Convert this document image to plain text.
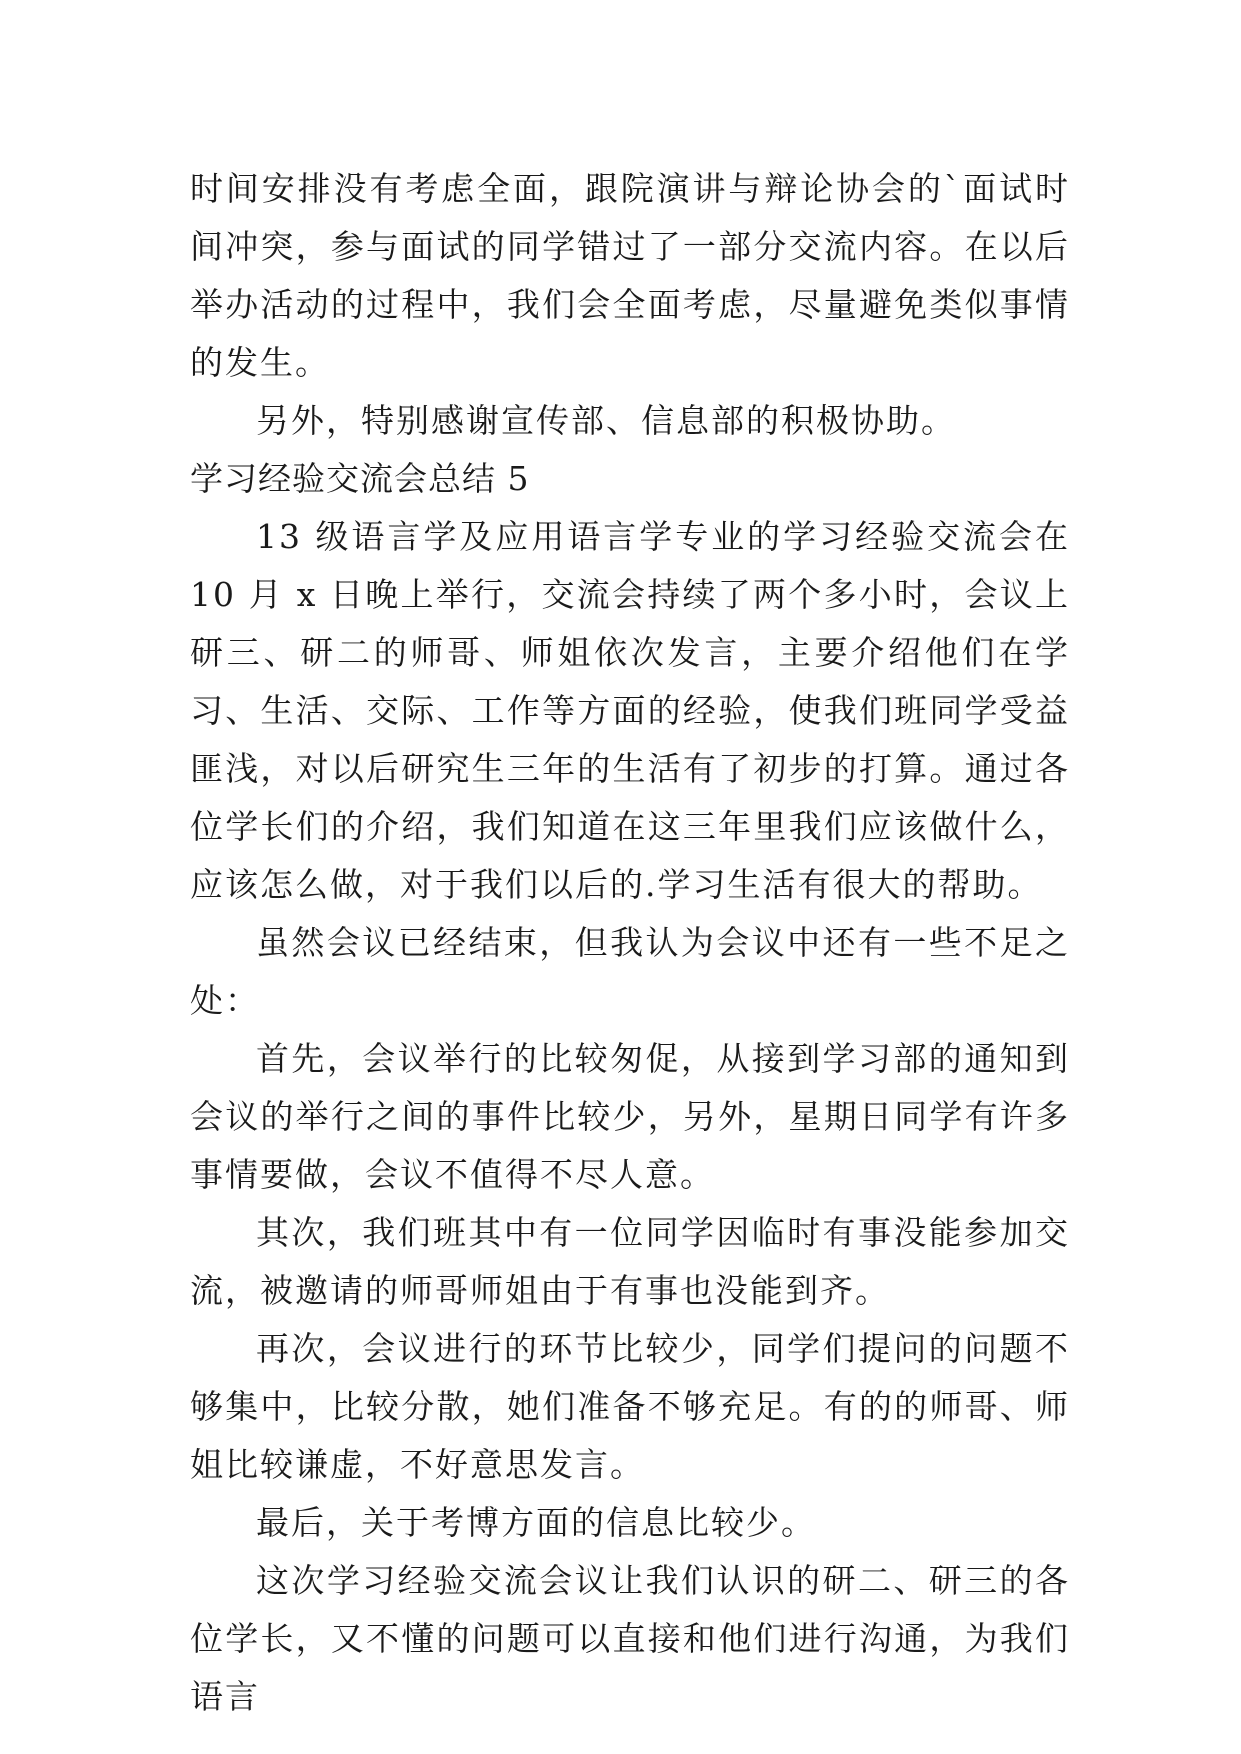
时间安排没有考虑全面，跟院演讲与辩论协会的`面试时间冲突，参与面试的同学错过了一部分交流内容。在以后举办活动的过程中，我们会全面考虑，尽量避免类似事情的发生。

另外，特别感谢宣传部、信息部的积极协助。

学习经验交流会总结 5

13 级语言学及应用语言学专业的学习经验交流会在 10 月 x 日晚上举行，交流会持续了两个多小时，会议上研三、研二的师哥、师姐依次发言，主要介绍他们在学习、生活、交际、工作等方面的经验，使我们班同学受益匪浅，对以后研究生三年的生活有了初步的打算。通过各位学长们的介绍，我们知道在这三年里我们应该做什么，应该怎么做，对于我们以后的.学习生活有很大的帮助。

虽然会议已经结束，但我认为会议中还有一些不足之处：

首先，会议举行的比较匆促，从接到学习部的通知到会议的举行之间的事件比较少，另外，星期日同学有许多事情要做，会议不值得不尽人意。

其次，我们班其中有一位同学因临时有事没能参加交流，被邀请的师哥师姐由于有事也没能到齐。

再次，会议进行的环节比较少，同学们提问的问题不够集中，比较分散，她们准备不够充足。有的的师哥、师姐比较谦虚，不好意思发言。

最后，关于考博方面的信息比较少。

这次学习经验交流会议让我们认识的研二、研三的各位学长，又不懂的问题可以直接和他们进行沟通，为我们语言
